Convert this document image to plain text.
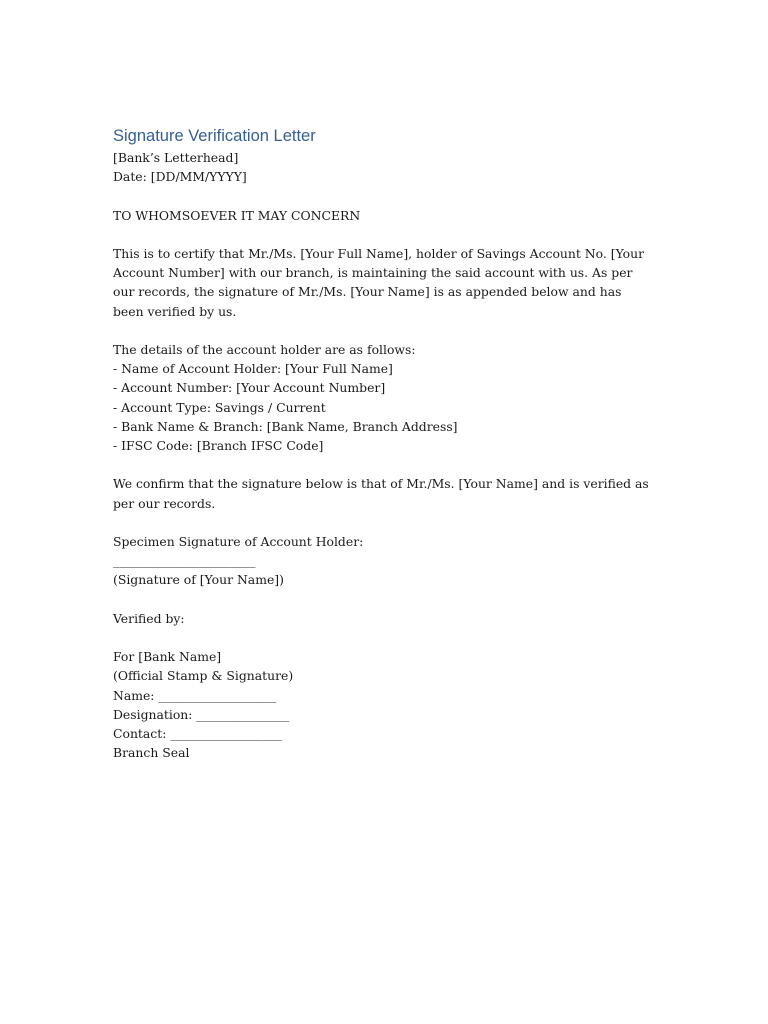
Signature Verification Letter
[Bank’s Letterhead]
Date: [DD/MM/YYYY]
TO WHOMSOEVER IT MAY CONCERN

This is to certify that Mr./Ms. [Your Full Name], holder of Savings Account No. [Your Account Number] with our branch, is maintaining the said account with us. As per our records, the signature of Mr./Ms. [Your Name] is as appended below and has been verified by us.

The details of the account holder are as follows:
- Name of Account Holder: [Your Full Name]
- Account Number: [Your Account Number]
- Account Type: Savings / Current
- Bank Name & Branch: [Bank Name, Branch Address]
- IFSC Code: [Branch IFSC Code]

We confirm that the signature below is that of Mr./Ms. [Your Name] and is verified as per our records.

Specimen Signature of Account Holder:
_______________________
(Signature of [Your Name])
Verified by:
For [Bank Name]
(Official Stamp & Signature)
Name: ___________________
Designation: _______________
Contact: __________________
Branch Seal
